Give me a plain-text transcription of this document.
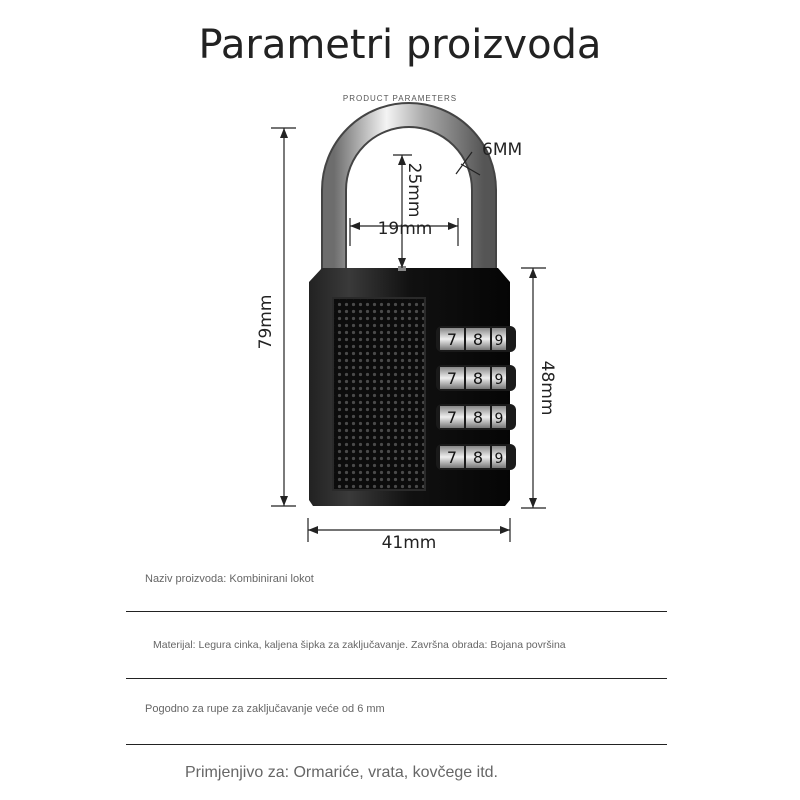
Parametri proizvoda
PRODUCT PARAMETERS
7 8 9
7 8 9
7 8 9
7 8 9
79mm
48mm
41mm
25mm
19mm
6MM
Naziv proizvoda: Kombinirani lokot
Materijal: Legura cinka, kaljena šipka za zaključavanje. Završna obrada: Bojana površina
Pogodno za rupe za zaključavanje veće od 6 mm
Primjenjivo za: Ormariće, vrata, kovčege itd.
